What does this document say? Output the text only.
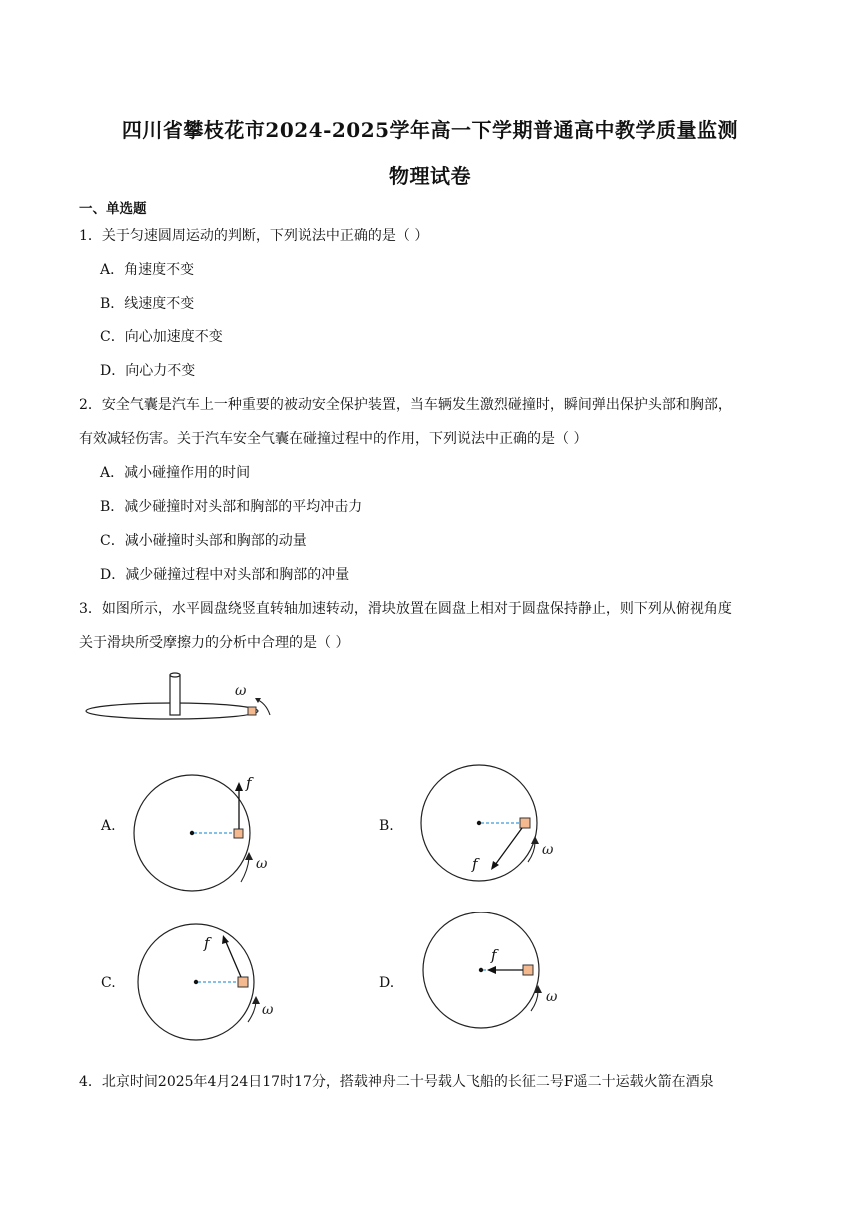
四川省攀枝花市2024-2025学年高一下学期普通高中教学质量监测
物理试卷
一、单选题
1．关于匀速圆周运动的判断，下列说法中正确的是（ ）
A．角速度不变
B．线速度不变
C．向心加速度不变
D．向心力不变
2．安全气囊是汽车上一种重要的被动安全保护装置，当车辆发生激烈碰撞时，瞬间弹出保护头部和胸部，
有效减轻伤害。关于汽车安全气囊在碰撞过程中的作用，下列说法中正确的是（ ）
A．减小碰撞作用的时间
B．减少碰撞时对头部和胸部的平均冲击力
C．减小碰撞时头部和胸部的动量
D．减少碰撞过程中对头部和胸部的冲量
3．如图所示，水平圆盘绕竖直转轴加速转动，滑块放置在圆盘上相对于圆盘保持静止，则下列从俯视角度
关于滑块所受摩擦力的分析中合理的是（ ）
ω
A.
f
ω
B.
f
ω
C.
f
ω
D.
f
ω
4．北京时间2025年4月24日17时17分，搭载神舟二十号载人飞船的长征二号F遥二十运载火箭在酒泉
